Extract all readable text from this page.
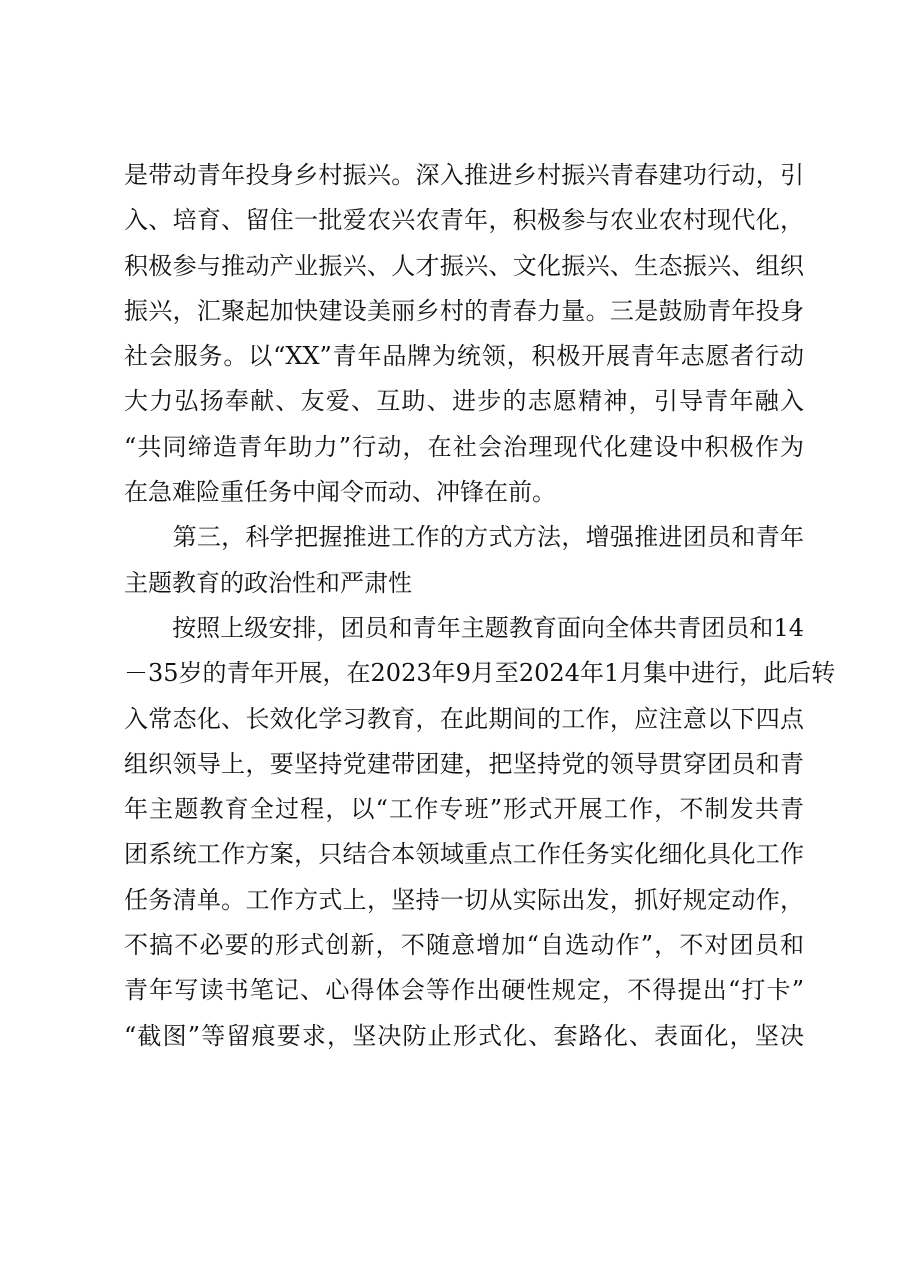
是带动青年投身乡村振兴。深入推进乡村振兴青春建功行动，引
入、培育、留住一批爱农兴农青年，积极参与农业农村现代化，
积极参与推动产业振兴、人才振兴、文化振兴、生态振兴、组织
振兴，汇聚起加快建设美丽乡村的青春力量。三是鼓励青年投身
社会服务。以“XX”青年品牌为统领，积极开展青年志愿者行动
大力弘扬奉献、友爱、互助、进步的志愿精神，引导青年融入
“共同缔造青年助力”行动，在社会治理现代化建设中积极作为
在急难险重任务中闻令而动、冲锋在前。
　　第三，科学把握推进工作的方式方法，增强推进团员和青年
主题教育的政治性和严肃性
　　按照上级安排，团员和青年主题教育面向全体共青团员和14
－35岁的青年开展，在2023年9月至2024年1月集中进行，此后转
入常态化、长效化学习教育，在此期间的工作，应注意以下四点
组织领导上，要坚持党建带团建，把坚持党的领导贯穿团员和青
年主题教育全过程，以“工作专班”形式开展工作，不制发共青
团系统工作方案，只结合本领域重点工作任务实化细化具化工作
任务清单。工作方式上，坚持一切从实际出发，抓好规定动作，
不搞不必要的形式创新，不随意增加“自选动作”，不对团员和
青年写读书笔记、心得体会等作出硬性规定，不得提出“打卡”
“截图”等留痕要求，坚决防止形式化、套路化、表面化，坚决
